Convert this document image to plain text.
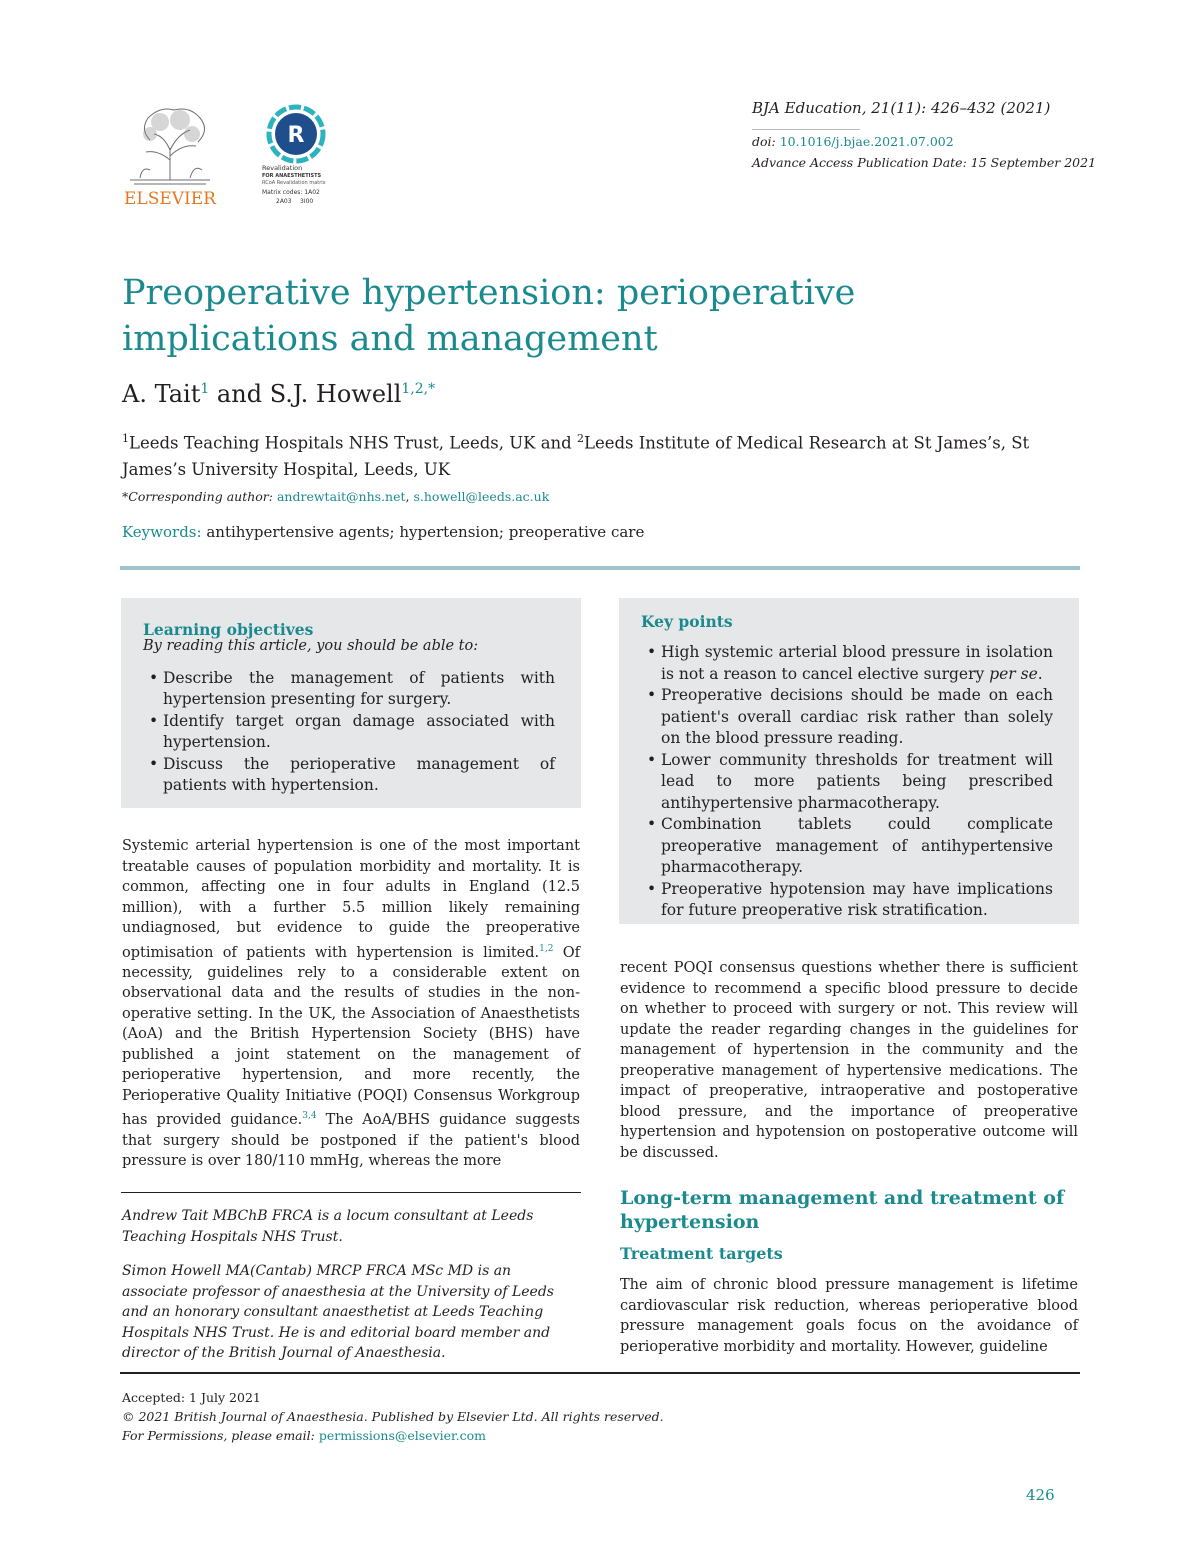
ELSEVIER
R
Revalidation
FOR ANAESTHETISTS
RCoA Revalidation matrix
Matrix codes: 1A02
2A03 3I00
BJA Education, 21(11): 426–432 (2021)
doi: 10.1016/j.bjae.2021.07.002
Advance Access Publication Date: 15 September 2021
Preoperative hypertension: perioperative implications and management
A. Tait$^1$ and S.J. Howell$^{1,2,*}$
$^1$Leeds Teaching Hospitals NHS Trust, Leeds, UK and $^2$Leeds Institute of Medical Research at St James’s, St James’s University Hospital, Leeds, UK
*Corresponding author: andrewtait@nhs.net, s.howell@leeds.ac.uk
Keywords: antihypertensive agents; hypertension; preoperative care
Learning objectives
By reading this article, you should be able to:
• Describe the management of patients with hypertension presenting for surgery.
• Identify target organ damage associated with hypertension.
• Discuss the perioperative management of patients with hypertension.
Key points
• High systemic arterial blood pressure in isolation is not a reason to cancel elective surgery per se.
• Preoperative decisions should be made on each patient's overall cardiac risk rather than solely on the blood pressure reading.
• Lower community thresholds for treatment will lead to more patients being prescribed antihypertensive pharmacotherapy.
• Combination tablets could complicate preoperative management of antihypertensive pharmacotherapy.
• Preoperative hypotension may have implications for future preoperative risk stratification.
Systemic arterial hypertension is one of the most important treatable causes of population morbidity and mortality. It is common, affecting one in four adults in England (12.5 million), with a further 5.5 million likely remaining undiagnosed, but evidence to guide the preoperative optimisation of patients with hypertension is limited.$^{1,2}$ Of necessity, guidelines rely to a considerable extent on observational data and the results of studies in the non-operative setting. In the UK, the Association of Anaesthetists (AoA) and the British Hypertension Society (BHS) have published a joint statement on the management of perioperative hypertension, and more recently, the Perioperative Quality Initiative (POQI) Consensus Workgroup has provided guidance.$^{3,4}$ The AoA/BHS guidance suggests that surgery should be postponed if the patient's blood pressure is over 180/110 mmHg, whereas the more
recent POQI consensus questions whether there is sufficient evidence to recommend a specific blood pressure to decide on whether to proceed with surgery or not. This review will update the reader regarding changes in the guidelines for management of hypertension in the community and the preoperative management of hypertensive medications. The impact of preoperative, intraoperative and postoperative blood pressure, and the importance of preoperative hypertension and hypotension on postoperative outcome will be discussed.

Andrew Tait MBChB FRCA is a locum consultant at Leeds Teaching Hospitals NHS Trust.

Simon Howell MA(Cantab) MRCP FRCA MSc MD is an associate professor of anaesthesia at the University of Leeds and an honorary consultant anaesthetist at Leeds Teaching Hospitals NHS Trust. He is and editorial board member and director of the British Journal of Anaesthesia.

Long-term management and treatment of hypertension
Treatment targets
The aim of chronic blood pressure management is lifetime cardiovascular risk reduction, whereas perioperative blood pressure management goals focus on the avoidance of perioperative morbidity and mortality. However, guideline
Accepted: 1 July 2021
© 2021 British Journal of Anaesthesia. Published by Elsevier Ltd. All rights reserved.
For Permissions, please email: permissions@elsevier.com
426
